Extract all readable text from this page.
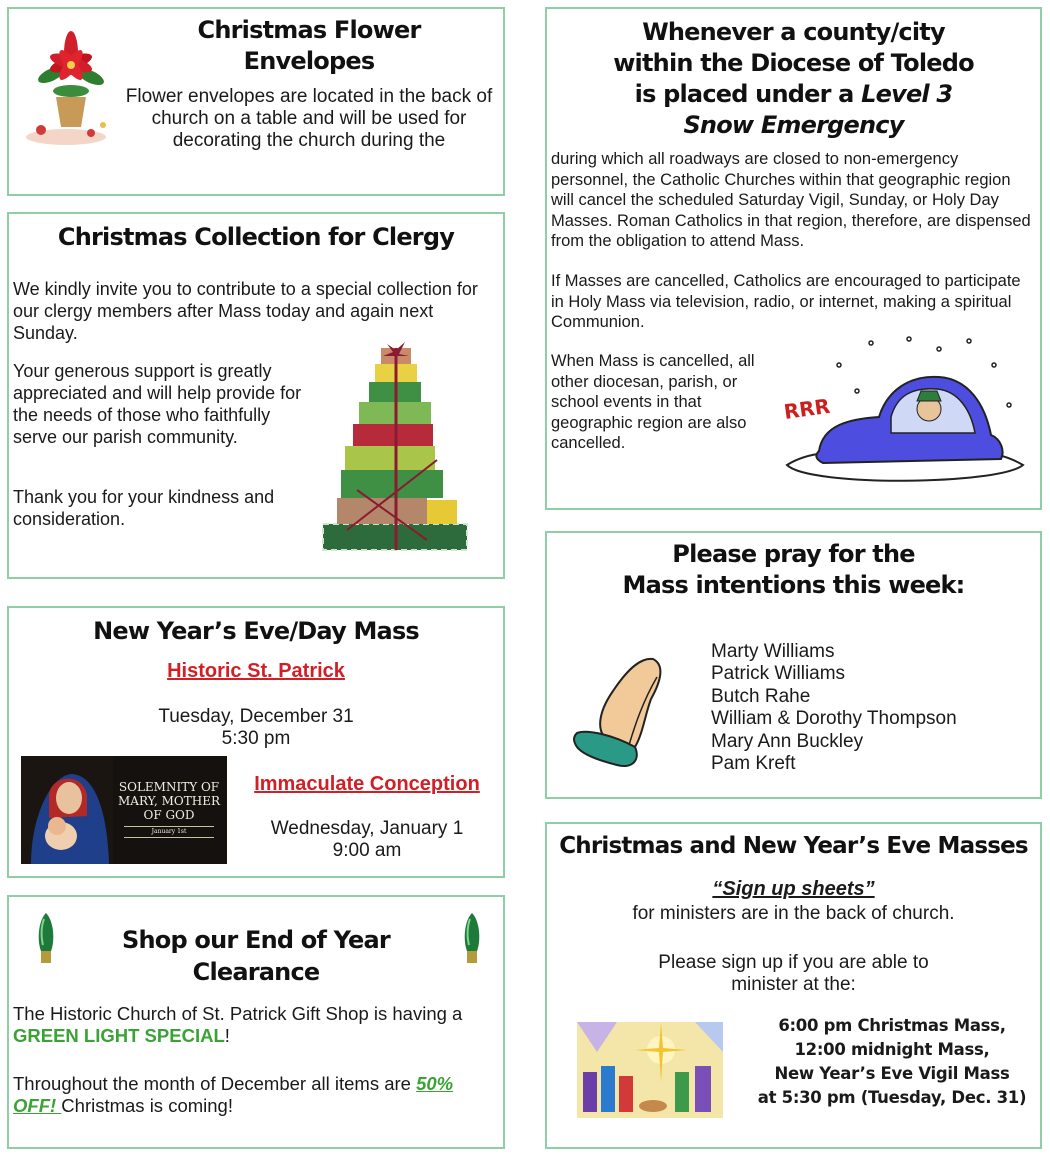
Christmas Flower
Envelopes
Flower envelopes are located in the back of church on a table and will be used for decorating the church during the
Christmas Collection for Clergy
We kindly invite you to contribute to a special collection for our clergy members after Mass today and again next Sunday.
Your generous support is greatly appreciated and will help provide for the needs of those who faithfully serve our parish community.
Thank you for your kindness and consideration.
New Year’s Eve/Day Mass
Historic St. Patrick
Tuesday, December 31
5:30 pm
SOLEMNITY OF
MARY, MOTHER
OF GOD
January 1st
Immaculate Conception
Wednesday, January 1
9:00 am
Shop our End of Year
Clearance
The Historic Church of St. Patrick Gift Shop is having a GREEN LIGHT SPECIAL!
Throughout the month of December all items are 50% OFF! Christmas is coming!
Whenever a county/city
within the Diocese of Toledo
is placed under a Level 3
Snow Emergency
during which all roadways are closed to non-emergency personnel, the Catholic Churches within that geographic region will cancel the scheduled Saturday Vigil, Sunday, or Holy Day Masses. Roman Catholics in that region, therefore, are dispensed from the obligation to attend Mass.
If Masses are cancelled, Catholics are encouraged to participate in Holy Mass via television, radio, or internet, making a spiritual Communion.
When Mass is cancelled, all other diocesan, parish, or school events in that geographic region are also cancelled.
RRR
Please pray for the
Mass intentions this week:
Marty Williams
Patrick Williams
Butch Rahe
William & Dorothy Thompson
Mary Ann Buckley
Pam Kreft
Christmas and New Year’s Eve Masses
“Sign up sheets”
for ministers are in the back of church.
Please sign up if you are able to
minister at the:
6:00 pm Christmas Mass,
12:00 midnight Mass,
New Year’s Eve Vigil Mass
at 5:30 pm (Tuesday, Dec. 31)
